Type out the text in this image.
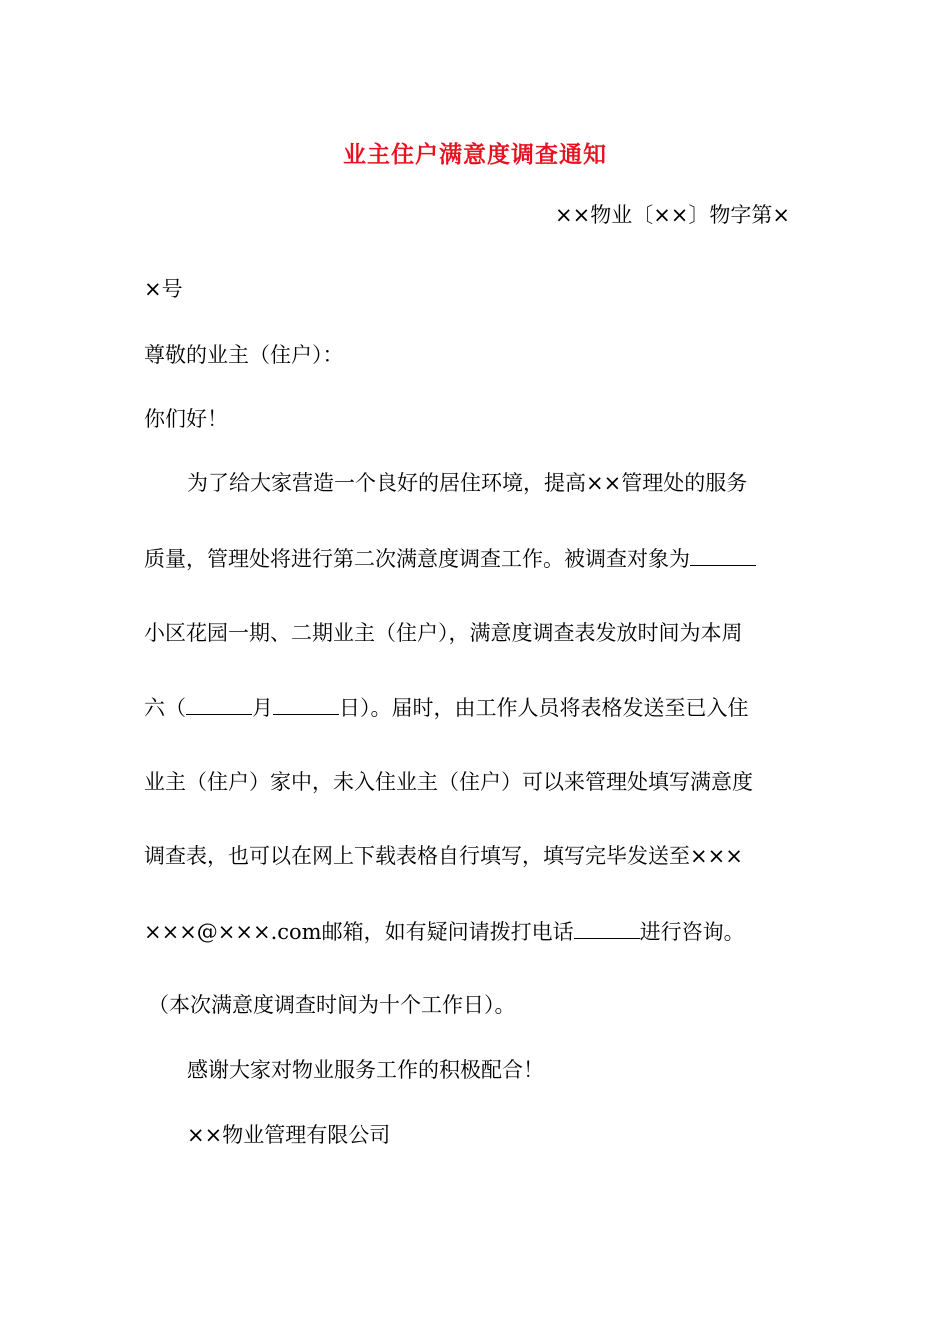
业主住户满意度调查通知
××物业〔××〕物字第×
×号
尊敬的业主（住户）：
你们好！
为了给大家营造一个良好的居住环境，提高××管理处的服务
质量，管理处将进行第二次满意度调查工作。被调查对象为
小区花园一期、二期业主（住户），满意度调查表发放时间为本周
六（	月	日）。届时，由工作人员将表格发送至已入住
业主（住户）家中，未入住业主（住户）可以来管理处填写满意度
调查表，也可以在网上下载表格自行填写，填写完毕发送至×××
×××@×××.com邮箱，如有疑问请拨打电话	进行咨询。
（本次满意度调查时间为十个工作日）。
感谢大家对物业服务工作的积极配合！
××物业管理有限公司
